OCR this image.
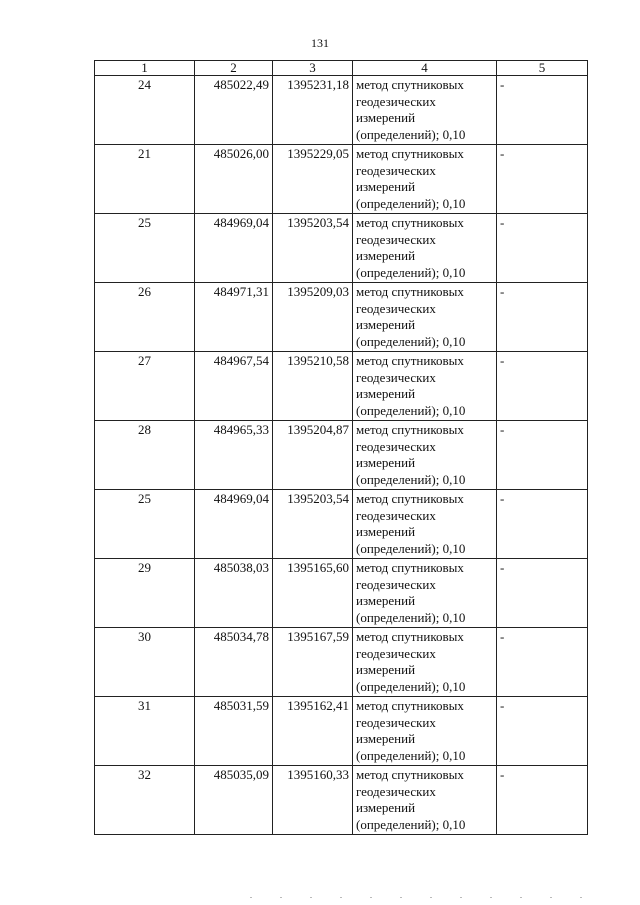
131
1	2	3	4	5
24	485022,49	1395231,18	метод спутниковых
геодезических
измерений
(определений); 0,10	-
21	485026,00	1395229,05	метод спутниковых
геодезических
измерений
(определений); 0,10	-
25	484969,04	1395203,54	метод спутниковых
геодезических
измерений
(определений); 0,10	-
26	484971,31	1395209,03	метод спутниковых
геодезических
измерений
(определений); 0,10	-
27	484967,54	1395210,58	метод спутниковых
геодезических
измерений
(определений); 0,10	-
28	484965,33	1395204,87	метод спутниковых
геодезических
измерений
(определений); 0,10	-
25	484969,04	1395203,54	метод спутниковых
геодезических
измерений
(определений); 0,10	-
29	485038,03	1395165,60	метод спутниковых
геодезических
измерений
(определений); 0,10	-
30	485034,78	1395167,59	метод спутниковых
геодезических
измерений
(определений); 0,10	-
31	485031,59	1395162,41	метод спутниковых
геодезических
измерений
(определений); 0,10	-
32	485035,09	1395160,33	метод спутниковых
геодезических
измерений
(определений); 0,10	-
